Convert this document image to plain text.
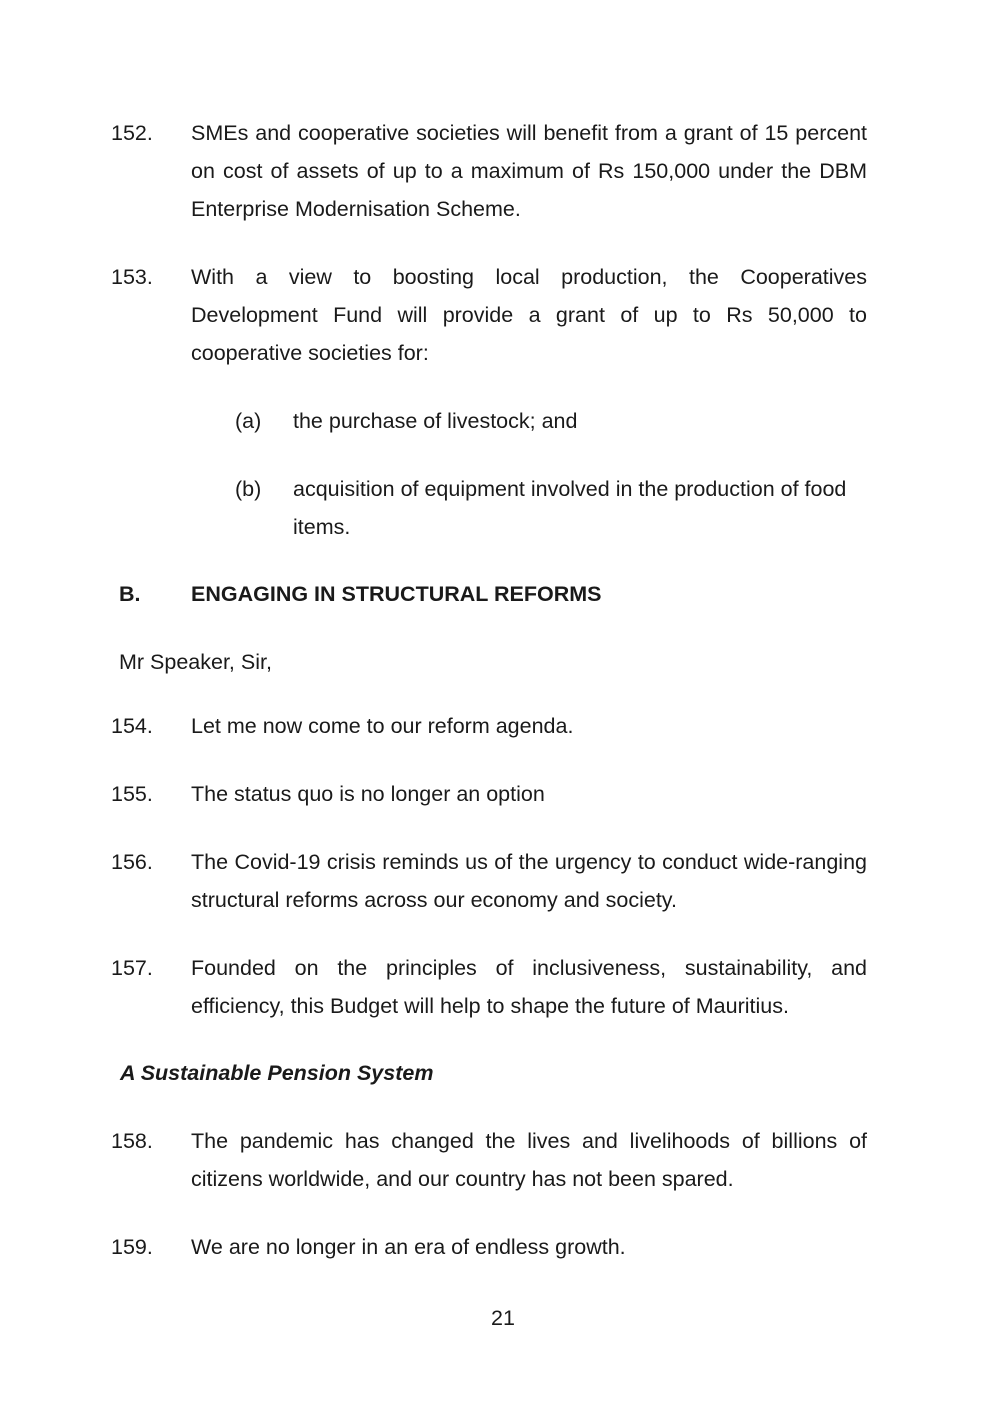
152. SMEs and cooperative societies will benefit from a grant of 15 percent on cost of assets of up to a maximum of Rs 150,000 under the DBM Enterprise Modernisation Scheme.
153. With a view to boosting local production, the Cooperatives Development Fund will provide a grant of up to Rs 50,000 to cooperative societies for:
(a) the purchase of livestock; and
(b) acquisition of equipment involved in the production of food items.
B. ENGAGING IN STRUCTURAL REFORMS
Mr Speaker, Sir,
154. Let me now come to our reform agenda.
155. The status quo is no longer an option
156. The Covid-19 crisis reminds us of the urgency to conduct wide-ranging structural reforms across our economy and society.
157. Founded on the principles of inclusiveness, sustainability, and efficiency, this Budget will help to shape the future of Mauritius.
A Sustainable Pension System
158. The pandemic has changed the lives and livelihoods of billions of citizens worldwide, and our country has not been spared.
159. We are no longer in an era of endless growth.
21
